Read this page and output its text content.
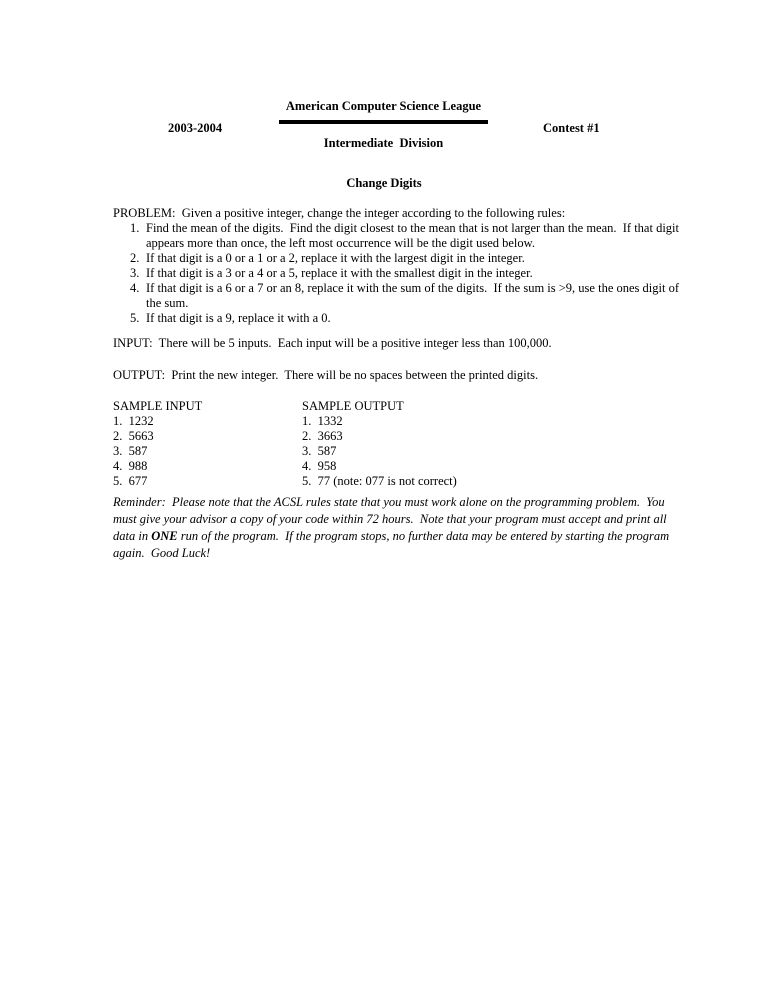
American Computer Science League
2003-2004	Contest #1
Intermediate  Division
Change Digits
PROBLEM:  Given a positive integer, change the integer according to the following rules:
1. Find the mean of the digits.  Find the digit closest to the mean that is not larger than the mean.  If that digit appears more than once, the left most occurrence will be the digit used below.
2. If that digit is a 0 or a 1 or a 2, replace it with the largest digit in the integer.
3. If that digit is a 3 or a 4 or a 5, replace it with the smallest digit in the integer.
4. If that digit is a 6 or a 7 or an 8, replace it with the sum of the digits.  If the sum is >9, use the ones digit of the sum.
5. If that digit is a 9, replace it with a 0.
INPUT:  There will be 5 inputs.  Each input will be a positive integer less than 100,000.
OUTPUT:  Print the new integer.  There will be no spaces between the printed digits.
SAMPLE INPUT
1.  1232
2.  5663
3.  587
4.  988
5.  677
SAMPLE OUTPUT
1.  1332
2.  3663
3.  587
4.  958
5.  77 (note: 077 is not correct)
Reminder:  Please note that the ACSL rules state that you must work alone on the programming problem.  You must give your advisor a copy of your code within 72 hours.  Note that your program must accept and print all data in ONE run of the program.  If the program stops, no further data may be entered by starting the program again.  Good Luck!
